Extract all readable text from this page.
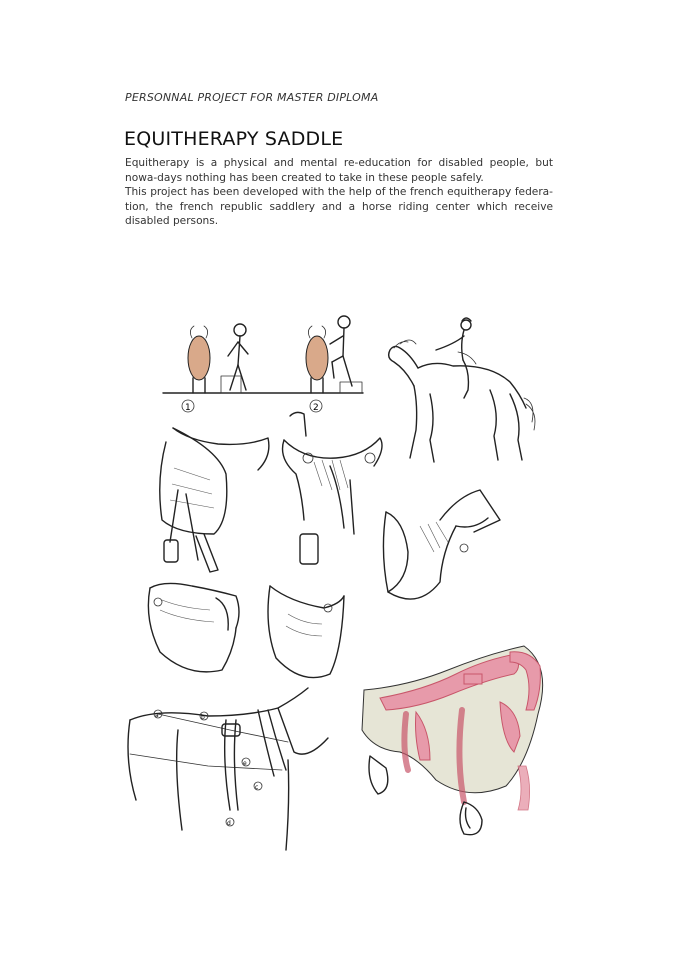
PERSONNAL PROJECT FOR MASTER DIPLOMA
EQUITHERAPY SADDLE

Equitherapy is a physical and mental re-education for disabled people, but nowa-days nothing has been created to take in these people safely.

This project has been developed with the help of the french equitherapy federa-tion, the french republic saddlery and a horse riding center which receive disabled persons.

1	2
a	b
c
d
e
